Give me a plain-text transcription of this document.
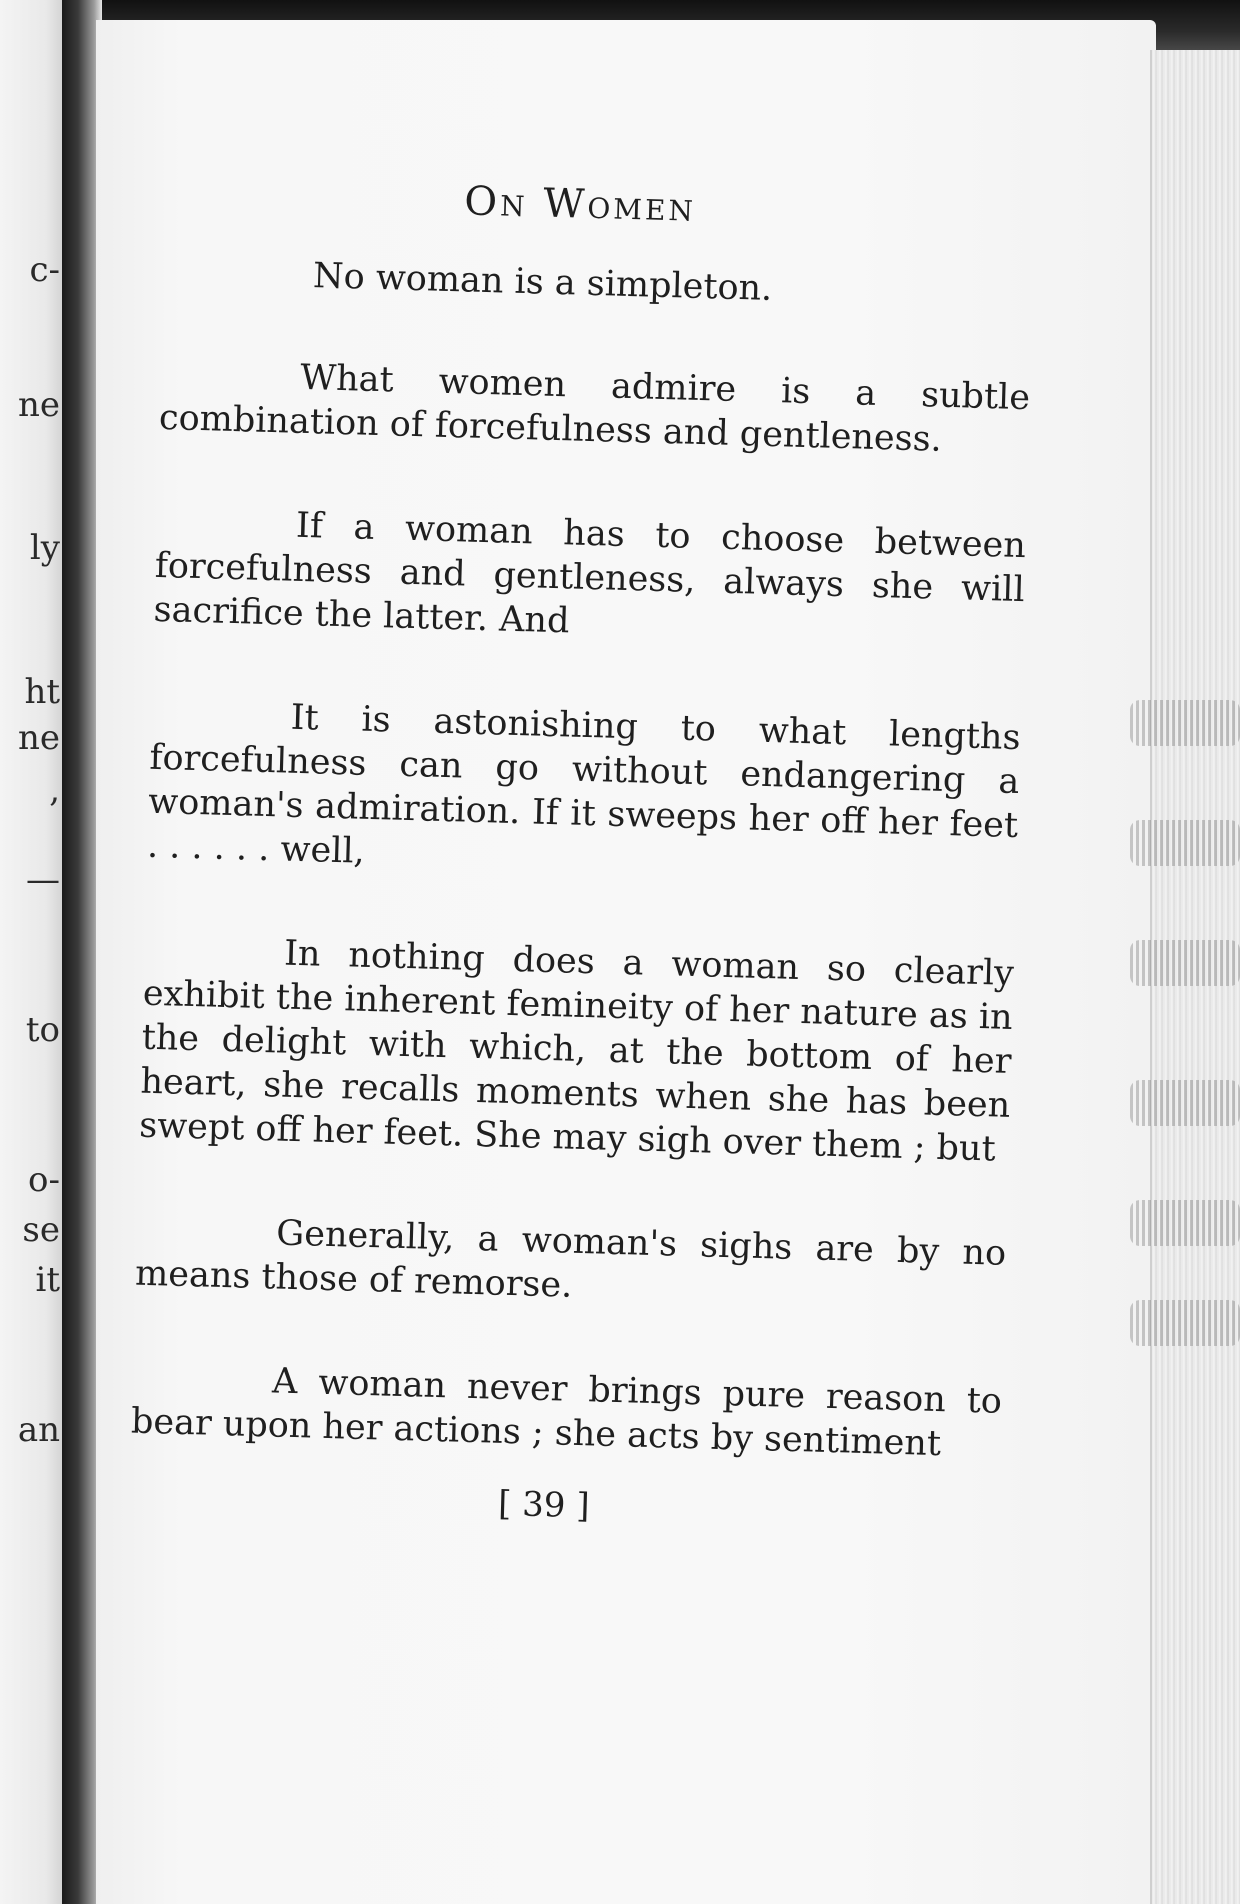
c-
ne
ly
ht
ne
,
—
to
o-
se
it
an
On Women

No woman is a simpleton.

What women admire is a subtle combination of forcefulness and gentleness.

If a woman has to choose between forcefulness and gentleness, always she will sacrifice the latter. And

It is astonishing to what lengths forcefulness can go without endangering a woman's admiration. If it sweeps her off her feet . . . . . . well,

In nothing does a woman so clearly exhibit the inherent femineity of her nature as in the delight with which, at the bottom of her heart, she recalls moments when she has been swept off her feet. She may sigh over them ; but

Generally, a woman's sighs are by no means those of remorse.

A woman never brings pure reason to bear upon her actions ; she acts by sentiment

[ 39 ]
